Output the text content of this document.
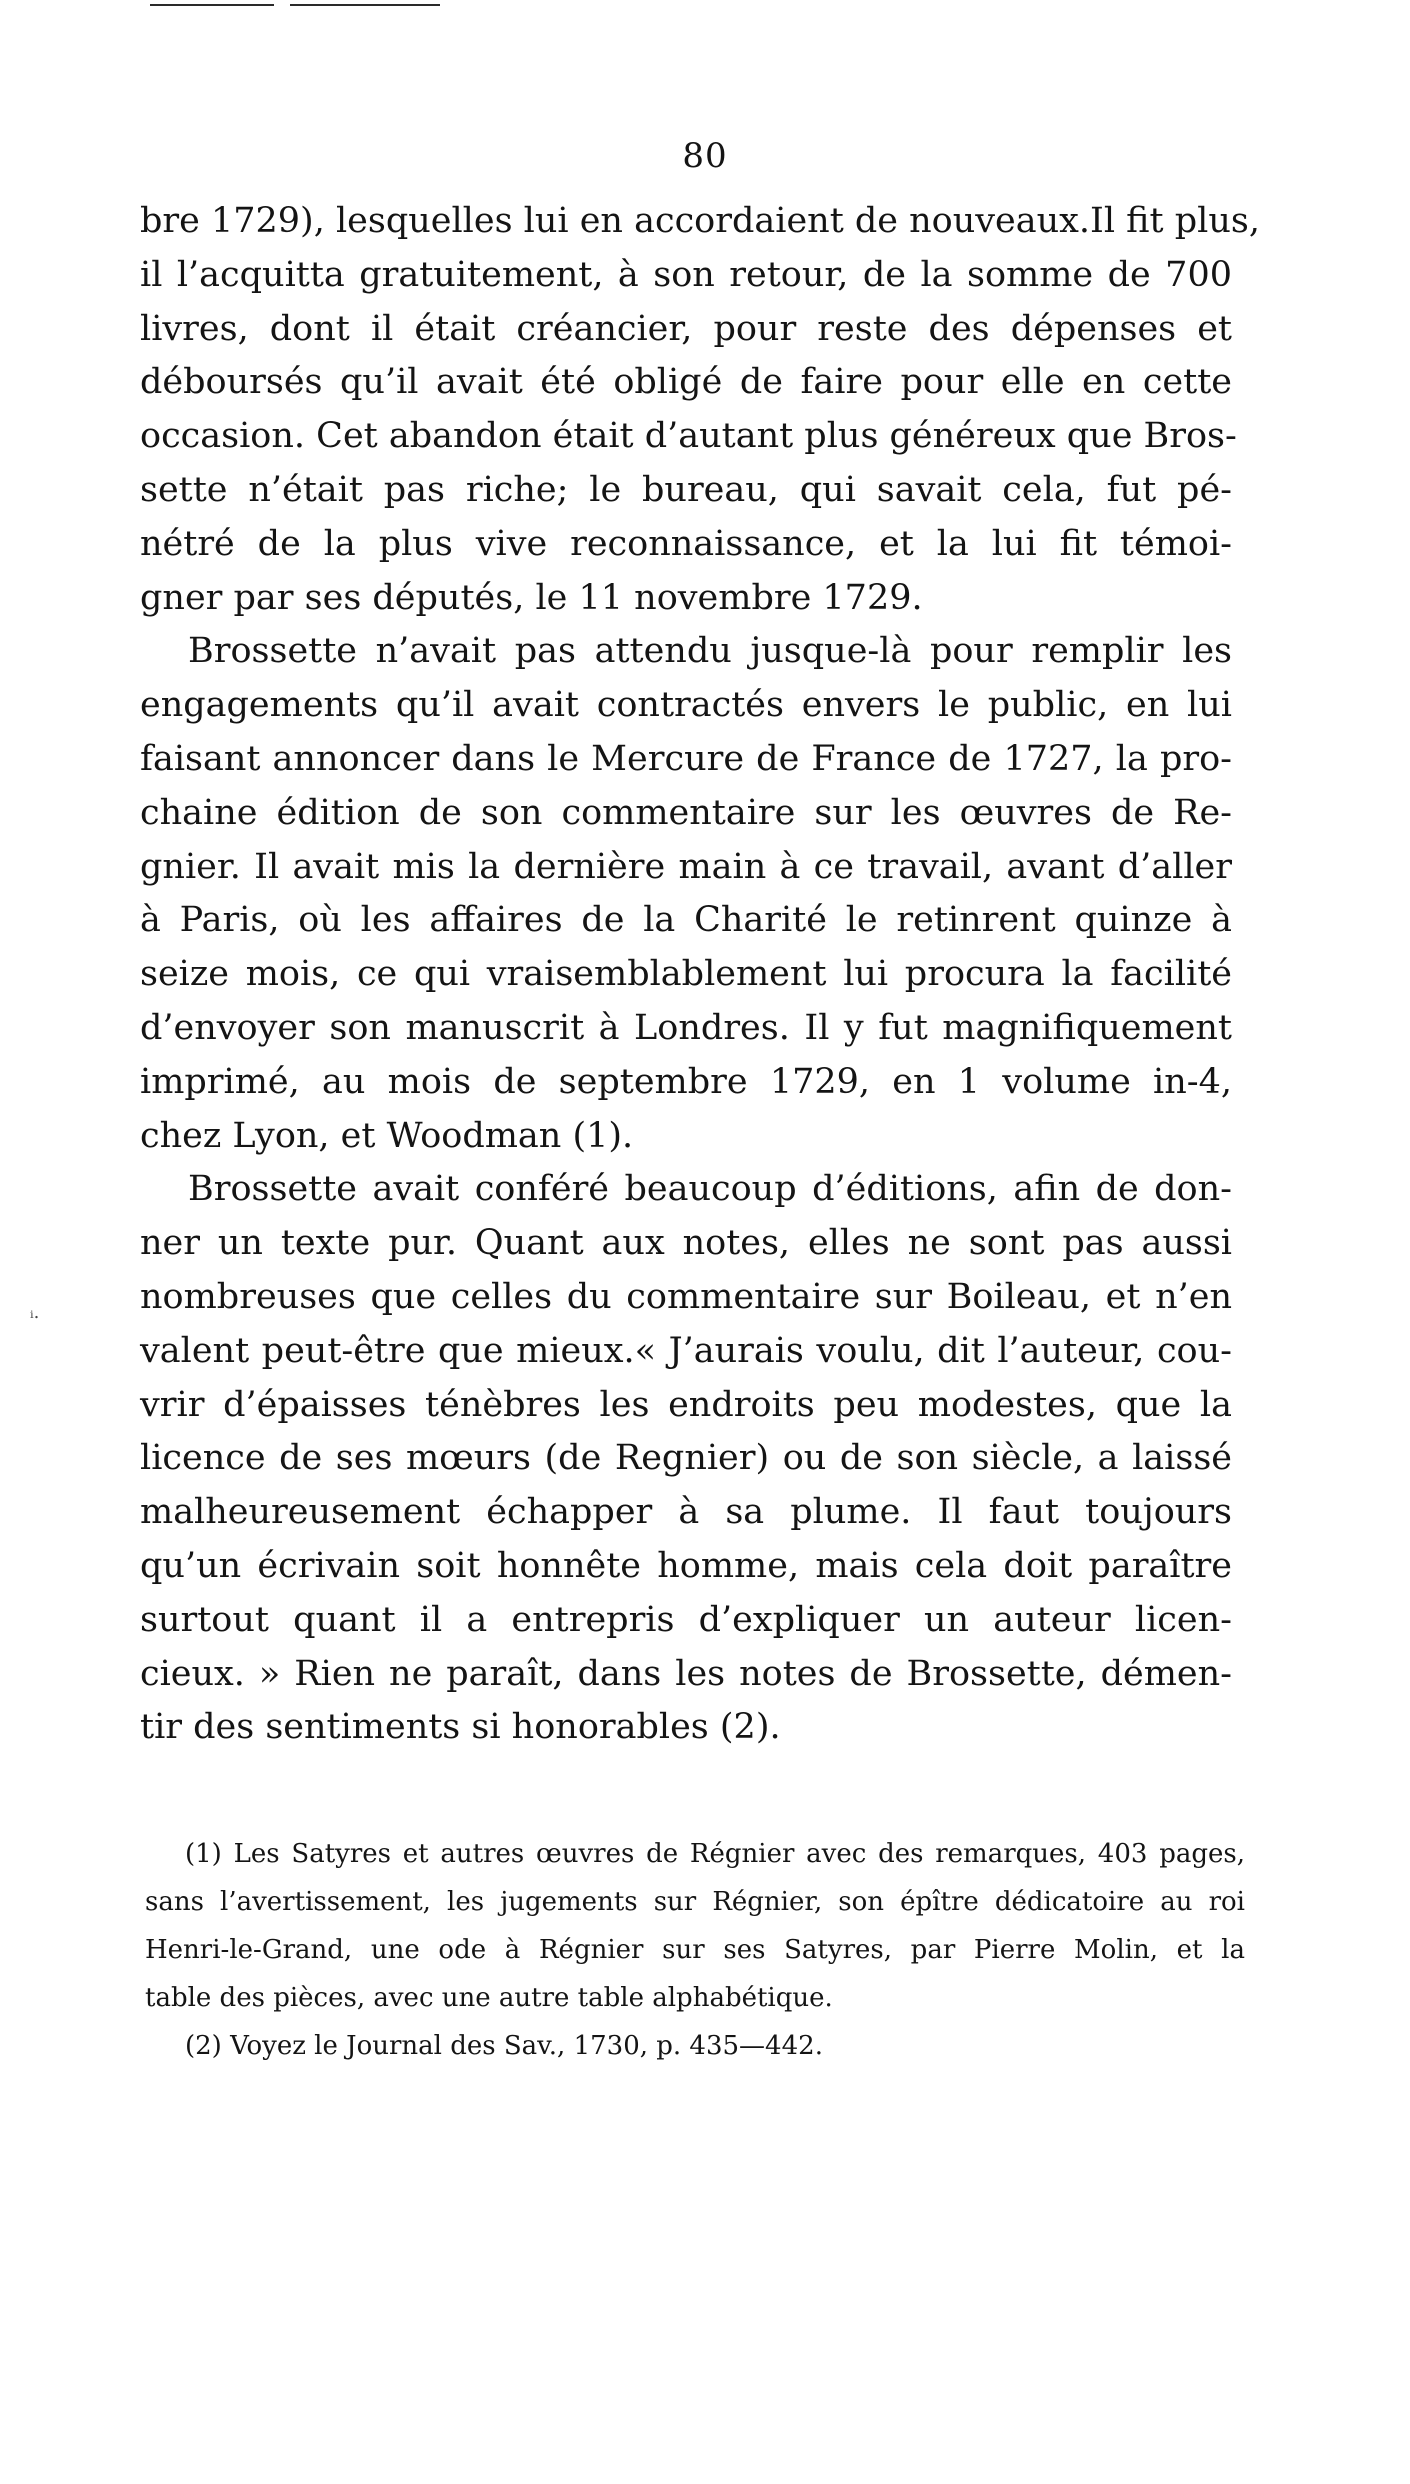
80
ᵢ.
bre 1729), lesquelles lui en accordaient de nouveaux.Il fit plus,
il l’acquitta gratuitement, à son retour, de la somme de 700
livres, dont il était créancier, pour reste des dépenses et
déboursés qu’il avait été obligé de faire pour elle en cette
occasion. Cet abandon était d’autant plus généreux que Bros-
sette n’était pas riche; le bureau, qui savait cela, fut pé-
nétré de la plus vive reconnaissance, et la lui fit témoi-
gner par ses députés, le 11 novembre 1729.
Brossette n’avait pas attendu jusque-là pour remplir les
engagements qu’il avait contractés envers le public, en lui
faisant annoncer dans le Mercure de France de 1727, la pro-
chaine édition de son commentaire sur les œuvres de Re-
gnier. Il avait mis la dernière main à ce travail, avant d’aller
à Paris, où les affaires de la Charité le retinrent quinze à
seize mois, ce qui vraisemblablement lui procura la facilité
d’envoyer son manuscrit à Londres. Il y fut magnifiquement
imprimé, au mois de septembre 1729, en 1 volume in-4,
chez Lyon, et Woodman (1).
Brossette avait conféré beaucoup d’éditions, afin de don-
ner un texte pur. Quant aux notes, elles ne sont pas aussi
nombreuses que celles du commentaire sur Boileau, et n’en
valent peut-être que mieux.« J’aurais voulu, dit l’auteur, cou-
vrir d’épaisses ténèbres les endroits peu modestes, que la
licence de ses mœurs (de Regnier) ou de son siècle, a laissé
malheureusement échapper à sa plume. Il faut toujours
qu’un écrivain soit honnête homme, mais cela doit paraître
surtout quant il a entrepris d’expliquer un auteur licen-
cieux. » Rien ne paraît, dans les notes de Brossette, démen-
tir des sentiments si honorables (2).
(1) Les Satyres et autres œuvres de Régnier avec des remarques, 403 pages,
sans l’avertissement, les jugements sur Régnier, son épître dédicatoire au roi
Henri-le-Grand, une ode à Régnier sur ses Satyres, par Pierre Molin, et la
table des pièces, avec une autre table alphabétique.
(2) Voyez le Journal des Sav., 1730, p. 435—442.
